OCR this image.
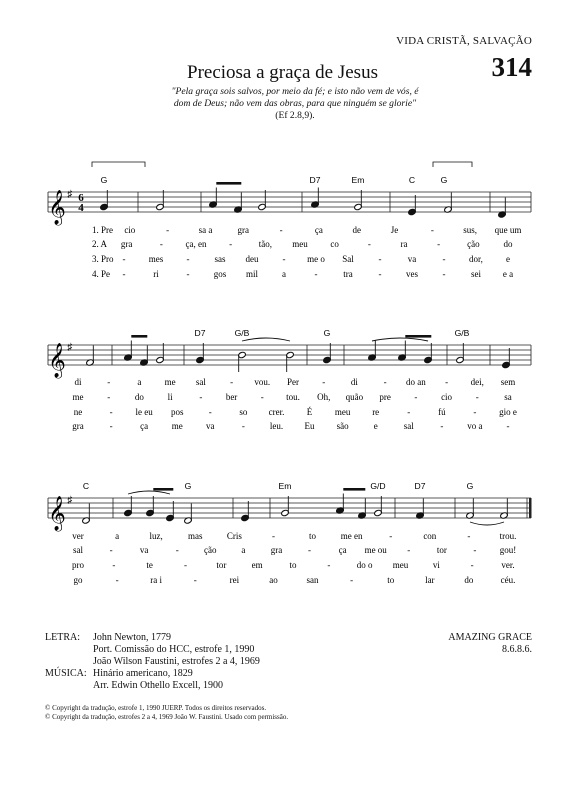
VIDA CRISTÃ, SALVAÇÃO
314
Preciosa a graça de Jesus
"Pela graça sois salvos, por meio da fé; e isto não vem de vós, é
dom de Deus; não vem das obras, para que ninguém se glorie"
(Ef 2.8,9).
𝄞 ♯ 6
4
G	D7	Em	C	G
1. Pre cio	-	sa a	gra	-	ça	de	Je	-	sus, que um
2. A gra	-	ça, en	-	tão, meu	co	-	ra	-	ção	do
3. Pro -	mes	-	sas deu	- me o Sal	-	va	-	dor,	e
4. Pe -	ri	-	gos mil	a	-	tra	-	ves	-	sei e a
𝄞 ♯
D7	G/B	G	G/B
di	-	a	me sal	- vou. Per	-	di	- do an -	dei, sem
me	-	do	li	-	ber	- tou. Oh, quão pre	-	cio	-	sa
ne	-	le eu pos	-	so crer. É	meu re	-	fú	-	gio e
gra	-	ça	me	va	-	leu. Eu são	e	sal	-	vo a	-
𝄞 ♯
C	G	Em	G/D	D7	G
ver	a	luz,	mas	Cris	-	to	me en	-	con	-	trou.
sal	-	va	-	ção	a	gra	-	ça me ou -	tor	-	gou!
pro	-	te	-	tor	em	to	-	do o meu	vi	-	ver.
go	-	ra i	-	rei	ao	san	-	to	lar	do	céu.
LETRA:	John Newton, 1779
Port. Comissão do HCC, estrofe 1, 1990
João Wilson Faustini, estrofes 2 a 4, 1969
MÚSICA: Hinário americano, 1829
Arr. Edwin Othello Excell, 1900
AMAZING GRACE
8.6.8.6.
© Copyright da tradução, estrofe 1, 1990 JUERP. Todos os direitos reservados.
© Copyright da tradução, estrofes 2 a 4, 1969 João W. Faustini. Usado com permissão.
